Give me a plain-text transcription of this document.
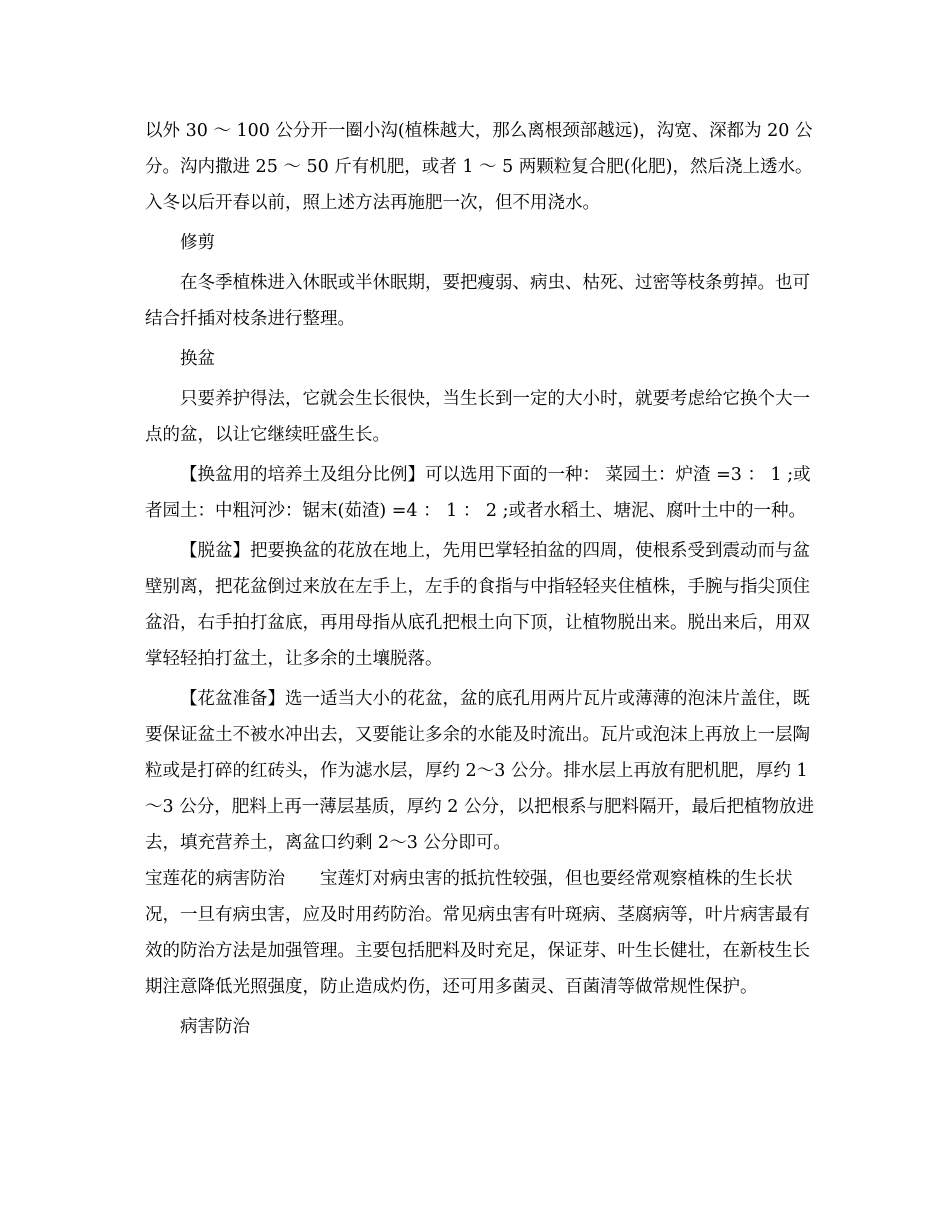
以外 30 ～ 100 公分开一圈小沟(植株越大，那么离根颈部越远)，沟宽、深都为 20 公分。沟内撒进 25 ～ 50 斤有机肥，或者 1 ～ 5 两颗粒复合肥(化肥)，然后浇上透水。入冬以后开春以前，照上述方法再施肥一次，但不用浇水。

修剪

在冬季植株进入休眠或半休眠期，要把瘦弱、病虫、枯死、过密等枝条剪掉。也可结合扦插对枝条进行整理。

换盆

只要养护得法，它就会生长很快，当生长到一定的大小时，就要考虑给它换个大一点的盆，以让它继续旺盛生长。

【换盆用的培养土及组分比例】可以选用下面的一种： 菜园土：炉渣 =3 ： 1 ;或者园土：中粗河沙：锯末(茹渣) =4 ： 1 ： 2 ;或者水稻土、塘泥、腐叶土中的一种。

【脱盆】把要换盆的花放在地上，先用巴掌轻拍盆的四周，使根系受到震动而与盆壁别离，把花盆倒过来放在左手上，左手的食指与中指轻轻夹住植株，手腕与指尖顶住盆沿，右手拍打盆底，再用母指从底孔把根土向下顶，让植物脱出来。脱出来后，用双掌轻轻拍打盆土，让多余的土壤脱落。

【花盆准备】选一适当大小的花盆，盆的底孔用两片瓦片或薄薄的泡沫片盖住，既要保证盆土不被水冲出去，又要能让多余的水能及时流出。瓦片或泡沫上再放上一层陶粒或是打碎的红砖头，作为滤水层，厚约 2～3 公分。排水层上再放有肥机肥，厚约 1～3 公分，肥料上再一薄层基质，厚约 2 公分，以把根系与肥料隔开，最后把植物放进去，填充营养土，离盆口约剩 2～3 公分即可。

宝莲花的病害防治　　宝莲灯对病虫害的抵抗性较强，但也要经常观察植株的生长状况，一旦有病虫害，应及时用药防治。常见病虫害有叶斑病、茎腐病等，叶片病害最有效的防治方法是加强管理。主要包括肥料及时充足，保证芽、叶生长健壮，在新枝生长期注意降低光照强度，防止造成灼伤，还可用多菌灵、百菌清等做常规性保护。

病害防治
